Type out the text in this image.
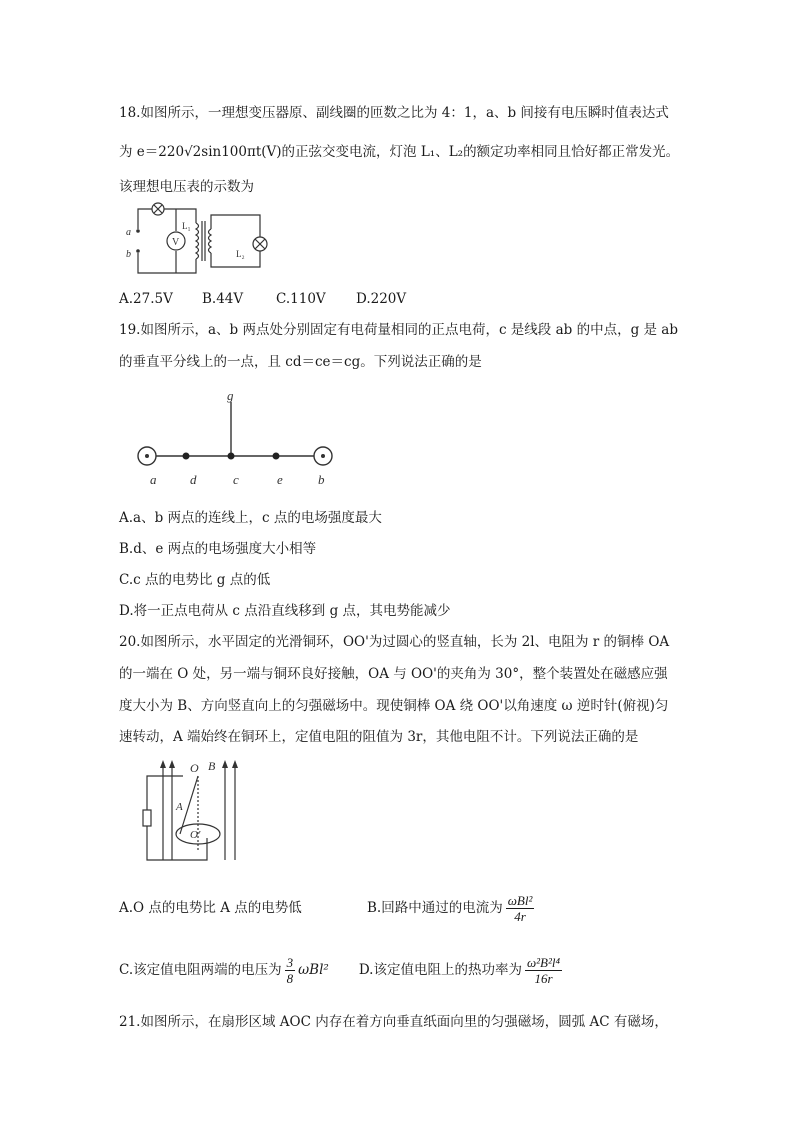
18.如图所示，一理想变压器原、副线圈的匝数之比为 4：1，a、b 间接有电压瞬时值表达式
为 e＝220√2sin100πt(V)的正弦交变电流，灯泡 L₁、L₂的额定功率相同且恰好都正常发光。
该理想电压表的示数为
a
b
L₁
V
L₂
A.27.5V B.44V C.110V D.220V
19.如图所示，a、b 两点处分别固定有电荷量相同的正点电荷，c 是线段 ab 的中点，g 是 ab
的垂直平分线上的一点，且 cd＝ce＝cg。下列说法正确的是
g
a	d	c	e	b
A.a、b 两点的连线上，c 点的电场强度最大
B.d、e 两点的电场强度大小相等
C.c 点的电势比 g 点的低
D.将一正点电荷从 c 点沿直线移到 g 点，其电势能减少
20.如图所示，水平固定的光滑铜环，OO'为过圆心的竖直轴，长为 2l、电阻为 r 的铜棒 OA
的一端在 O 处，另一端与铜环良好接触，OA 与 OO'的夹角为 30°，整个装置处在磁感应强
度大小为 B、方向竖直向上的匀强磁场中。现使铜棒 OA 绕 OO'以角速度 ω 逆时针(俯视)匀
速转动，A 端始终在铜环上，定值电阻的阻值为 3r，其他电阻不计。下列说法正确的是
O B
A
O'
A.O 点的电势比 A 点的电势低	B.回路中通过的电流为 $\frac{\text{ωBl²}}{4r}$
C.该定值电阻两端的电压为 $\frac{3}{8} \omega Bl^2$ D.该定值电阻上的热功率为 $\frac{\text{ω²B²l⁴}}{16r}$
21.如图所示，在扇形区域 AOC 内存在着方向垂直纸面向里的匀强磁场，圆弧 AC 有磁场，
